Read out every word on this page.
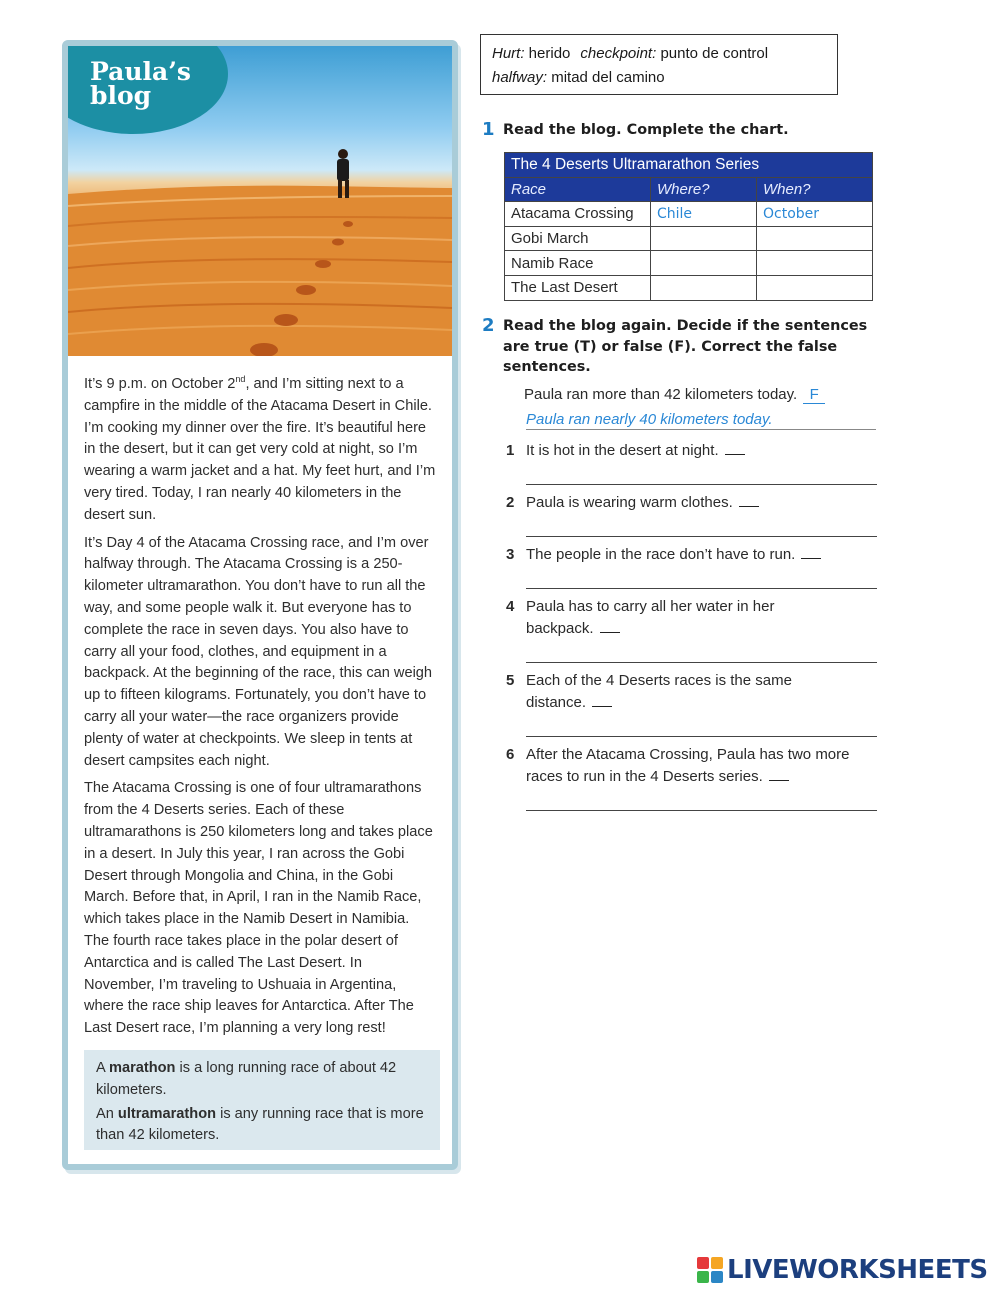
Paula’s
blog

It’s 9 p.m. on October 2nd, and I’m sitting next to a campfire in the middle of the Atacama Desert in Chile. I’m cooking my dinner over the fire. It’s beautiful here in the desert, but it can get very cold at night, so I’m wearing a warm jacket and a hat. My feet hurt, and I’m very tired. Today, I ran nearly 40 kilometers in the desert sun.

It’s Day 4 of the Atacama Crossing race, and I’m over halfway through. The Atacama Crossing is a 250-kilometer ultramarathon. You don’t have to run all the way, and some people walk it. But everyone has to complete the race in seven days. You also have to carry all your food, clothes, and equipment in a backpack. At the beginning of the race, this can weigh up to fifteen kilograms. Fortunately, you don’t have to carry all your water—the race organizers provide plenty of water at checkpoints. We sleep in tents at desert campsites each night.

The Atacama Crossing is one of four ultramarathons from the 4 Deserts series. Each of these ultramarathons is 250 kilometers long and takes place in a desert. In July this year, I ran across the Gobi Desert through Mongolia and China, in the Gobi March. Before that, in April, I ran in the Namib Race, which takes place in the Namib Desert in Namibia. The fourth race takes place in the polar desert of Antarctica and is called The Last Desert. In November, I’m traveling to Ushuaia in Argentina, where the race ship leaves for Antarctica. After The Last Desert race, I’m planning a very long rest!

A marathon is a long running race of about 42 kilometers.

An ultramarathon is any running race that is more than 42 kilometers.

Hurt: herido checkpoint: punto de control
halfway: mitad del camino
1 Read the blog. Complete the chart.
The 4 Deserts Ultramarathon Series		
Race	Where?	When?
Atacama Crossing	Chile	October
Gobi March		
Namib Race		
The Last Desert		
2 Read the blog again. Decide if the sentences are true (T) or false (F). Correct the false sentences.
Paula ran more than 42 kilometers today. F
Paula ran nearly 40 kilometers today.
1 It is hot in the desert at night.
2 Paula is wearing warm clothes.
3 The people in the race don’t have to run.
4 Paula has to carry all her water in her backpack.
5 Each of the 4 Deserts races is the same distance.
6 After the Atacama Crossing, Paula has two more races to run in the 4 Deserts series.
LIVEWORKSHEETS
